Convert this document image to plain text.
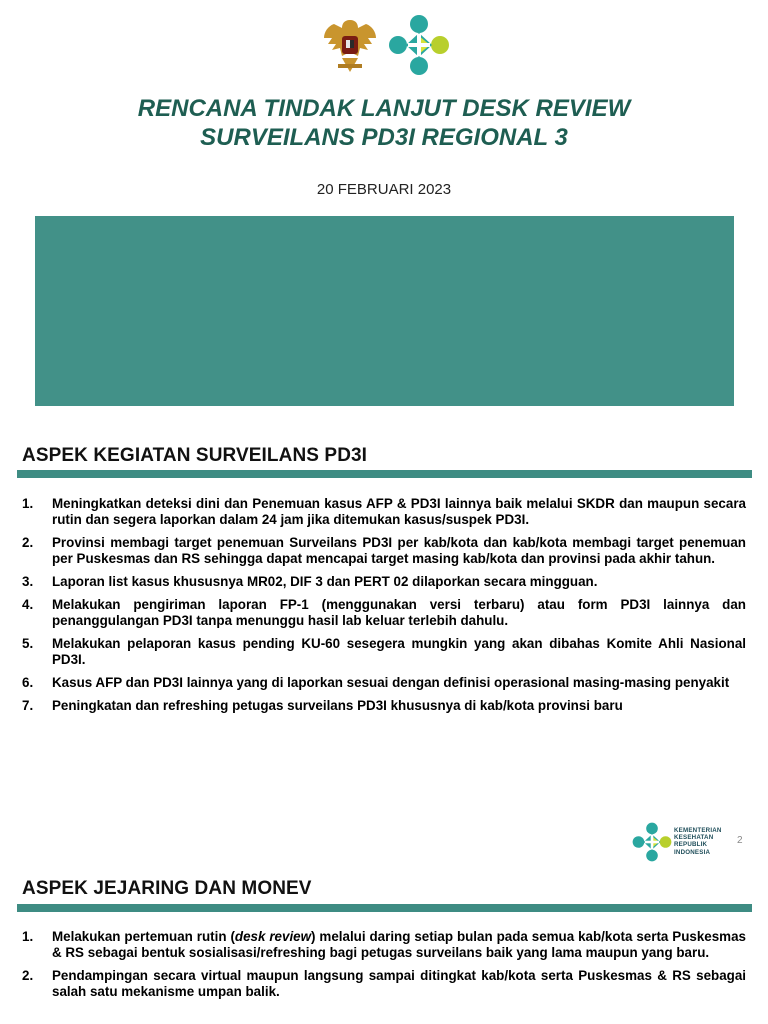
RENCANA TINDAK LANJUT DESK REVIEW
SURVEILANS PD3I REGIONAL 3
20 FEBRUARI 2023
ASPEK KEGIATAN SURVEILANS PD3I
1.	Meningkatkan deteksi dini dan Penemuan kasus AFP & PD3I lainnya baik melalui SKDR dan maupun secara rutin dan segera laporkan dalam 24 jam jika ditemukan kasus/suspek PD3I.
2.	Provinsi membagi target penemuan Surveilans PD3I per kab/kota dan kab/kota membagi target penemuan per Puskesmas dan RS sehingga dapat mencapai target masing kab/kota dan provinsi pada akhir tahun.
3.	Laporan list kasus khususnya MR02, DIF 3 dan PERT 02 dilaporkan secara mingguan.
4.	Melakukan pengiriman laporan FP-1 (menggunakan versi terbaru) atau form PD3I lainnya dan penanggulangan PD3I tanpa menunggu hasil lab keluar terlebih dahulu.
5.	Melakukan pelaporan kasus pending KU-60 sesegera mungkin yang akan dibahas Komite Ahli Nasional PD3I.
6.	Kasus AFP dan PD3I lainnya yang di laporkan sesuai dengan definisi operasional masing-masing penyakit
7.	Peningkatan dan refreshing petugas surveilans PD3I khususnya di kab/kota provinsi baru
KEMENTERIAN
KESEHATAN
REPUBLIK
INDONESIA
2
ASPEK JEJARING DAN MONEV
1.	Melakukan pertemuan rutin (desk review) melalui daring setiap bulan pada semua kab/kota serta Puskesmas & RS sebagai bentuk sosialisasi/refreshing bagi petugas surveilans baik yang lama maupun yang baru.
2.	Pendampingan secara virtual maupun langsung sampai ditingkat kab/kota serta Puskesmas & RS sebagai salah satu mekanisme umpan balik.
